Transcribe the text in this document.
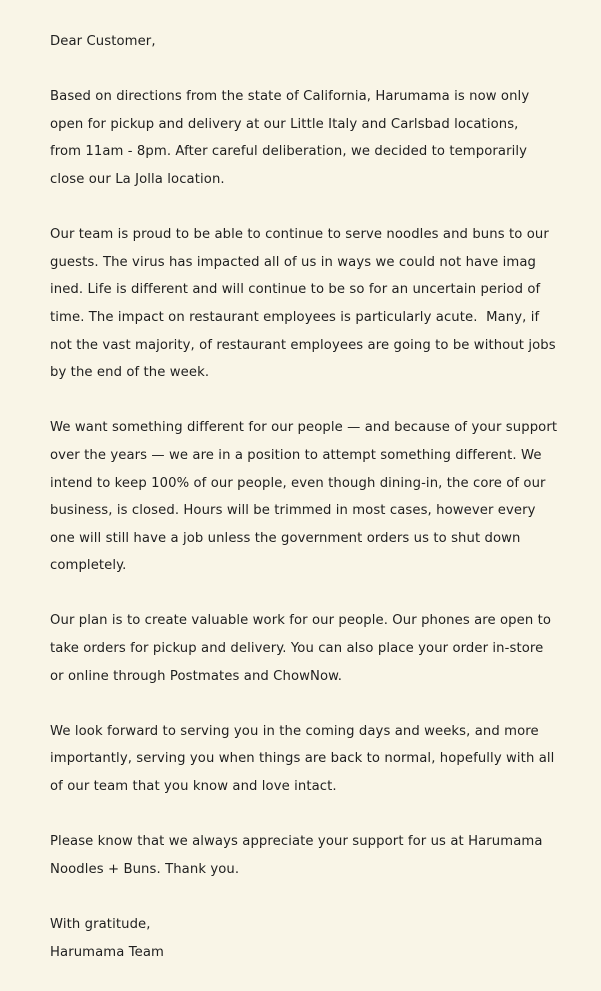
Dear Customer,
Based on directions from the state of California, Harumama is now only
open for pickup and delivery at our Little Italy and Carlsbad locations,
from 11am - 8pm. After careful deliberation, we decided to temporarily
close our La Jolla location.
Our team is proud to be able to continue to serve noodles and buns to our
guests. The virus has impacted all of us in ways we could not have imag
ined. Life is different and will continue to be so for an uncertain period of
time. The impact on restaurant employees is particularly acute.  Many, if
not the vast majority, of restaurant employees are going to be without jobs
by the end of the week.
We want something different for our people — and because of your support
over the years — we are in a position to attempt something different. We
intend to keep 100% of our people, even though dining-in, the core of our
business, is closed. Hours will be trimmed in most cases, however every
one will still have a job unless the government orders us to shut down
completely.
Our plan is to create valuable work for our people. Our phones are open to
take orders for pickup and delivery. You can also place your order in-store
or online through Postmates and ChowNow.
We look forward to serving you in the coming days and weeks, and more
importantly, serving you when things are back to normal, hopefully with all
of our team that you know and love intact.
Please know that we always appreciate your support for us at Harumama
Noodles + Buns. Thank you.
With gratitude,
Harumama Team
